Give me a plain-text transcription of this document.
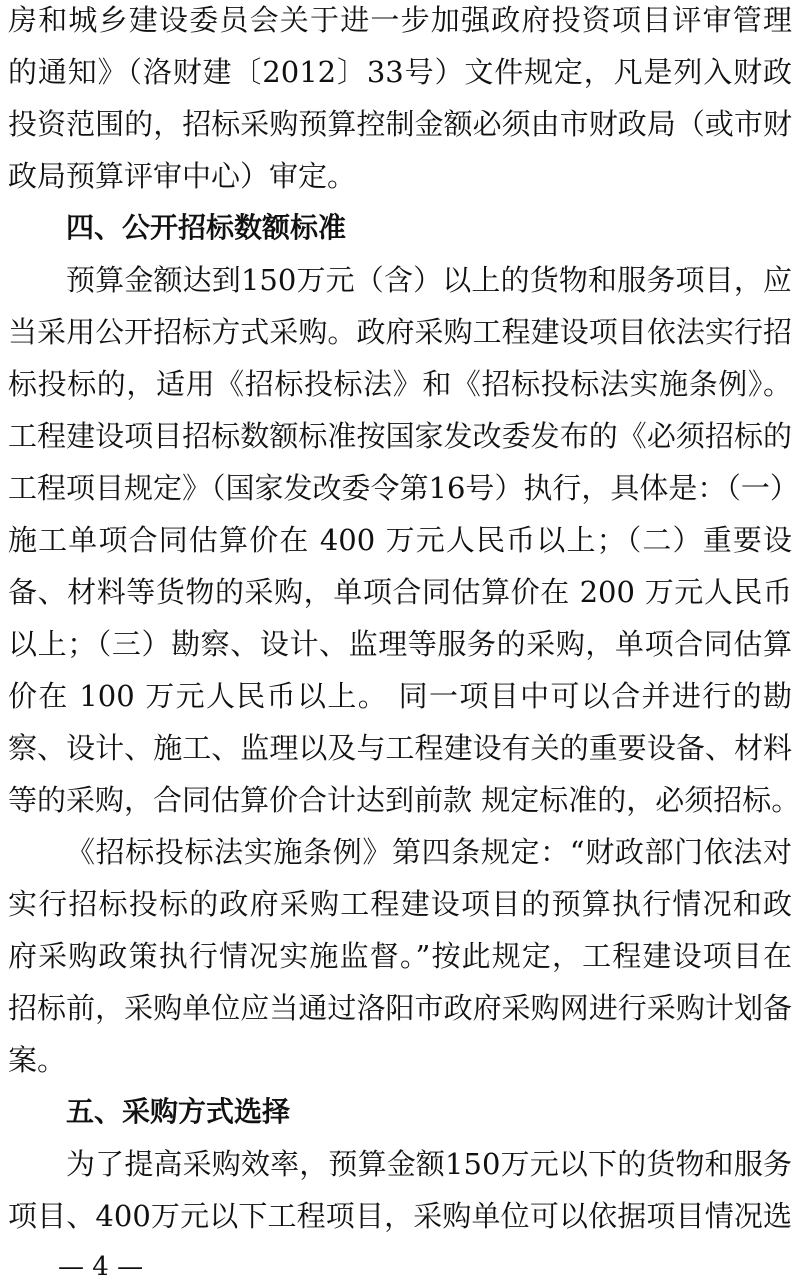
房和城乡建设委员会关于进一步加强政府投资项目评审管理
的通知》（洛财建〔2012〕33号）文件规定，凡是列入财政
投资范围的，招标采购预算控制金额必须由市财政局（或市财
政局预算评审中心）审定。
四、公开招标数额标准
预算金额达到150万元（含）以上的货物和服务项目，应
当采用公开招标方式采购。政府采购工程建设项目依法实行招
标投标的，适用《招标投标法》和《招标投标法实施条例》。
工程建设项目招标数额标准按国家发改委发布的《必须招标的
工程项目规定》（国家发改委令第16号）执行，具体是：（一）
施工单项合同估算价在 400 万元人民币以上；（二）重要设
备、材料等货物的采购，单项合同估算价在 200 万元人民币
以上；（三）勘察、设计、监理等服务的采购，单项合同估算
价在 100 万元人民币以上。 同一项目中可以合并进行的勘
察、设计、施工、监理以及与工程建设有关的重要设备、材料
等的采购，合同估算价合计达到前款 规定标准的，必须招标。
《招标投标法实施条例》第四条规定：“财政部门依法对
实行招标投标的政府采购工程建设项目的预算执行情况和政
府采购政策执行情况实施监督。”按此规定，工程建设项目在
招标前，采购单位应当通过洛阳市政府采购网进行采购计划备
案。
五、采购方式选择
为了提高采购效率，预算金额150万元以下的货物和服务
项目、400万元以下工程项目，采购单位可以依据项目情况选
— 4 —
